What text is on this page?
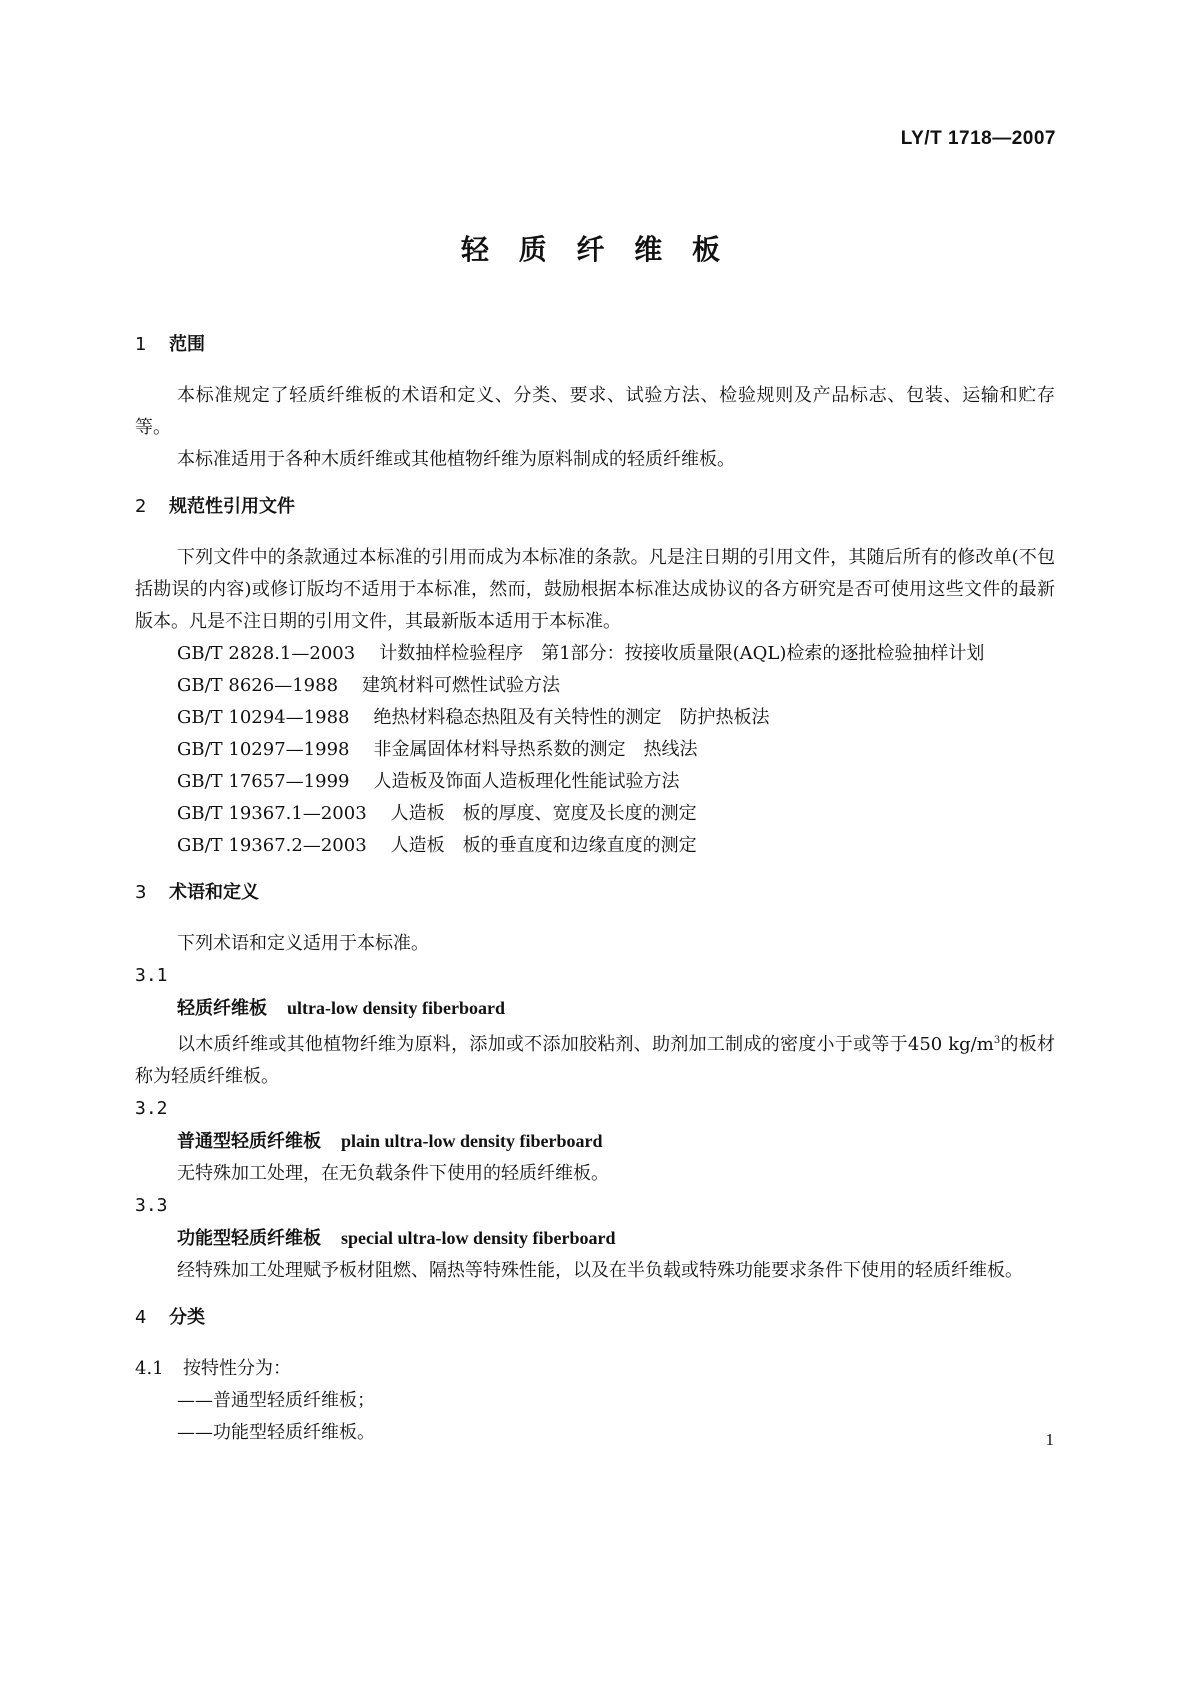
LY/T 1718—2007
轻 质 纤 维 板
1 范围
本标准规定了轻质纤维板的术语和定义、分类、要求、试验方法、检验规则及产品标志、包装、运输和贮存等。
本标准适用于各种木质纤维或其他植物纤维为原料制成的轻质纤维板。
2 规范性引用文件
下列文件中的条款通过本标准的引用而成为本标准的条款。凡是注日期的引用文件，其随后所有的修改单(不包括勘误的内容)或修订版均不适用于本标准，然而，鼓励根据本标准达成协议的各方研究是否可使用这些文件的最新版本。凡是不注日期的引用文件，其最新版本适用于本标准。
GB/T 2828.1—2003 计数抽样检验程序　第1部分：按接收质量限(AQL)检索的逐批检验抽样计划
GB/T 8626—1988 建筑材料可燃性试验方法
GB/T 10294—1988 绝热材料稳态热阻及有关特性的测定　防护热板法
GB/T 10297—1998 非金属固体材料导热系数的测定　热线法
GB/T 17657—1999 人造板及饰面人造板理化性能试验方法
GB/T 19367.1—2003 人造板　板的厚度、宽度及长度的测定
GB/T 19367.2—2003 人造板　板的垂直度和边缘直度的测定
3 术语和定义
下列术语和定义适用于本标准。
3.1
轻质纤维板 ultra-low density fiberboard
以木质纤维或其他植物纤维为原料，添加或不添加胶粘剂、助剂加工制成的密度小于或等于450 $kg/m^3$的板材称为轻质纤维板。
3.2
普通型轻质纤维板 plain ultra-low density fiberboard
无特殊加工处理，在无负载条件下使用的轻质纤维板。
3.3
功能型轻质纤维板 special ultra-low density fiberboard
经特殊加工处理赋予板材阻燃、隔热等特殊性能，以及在半负载或特殊功能要求条件下使用的轻质纤维板。
4 分类
4.1 按特性分为：
——普通型轻质纤维板；
——功能型轻质纤维板。	1
